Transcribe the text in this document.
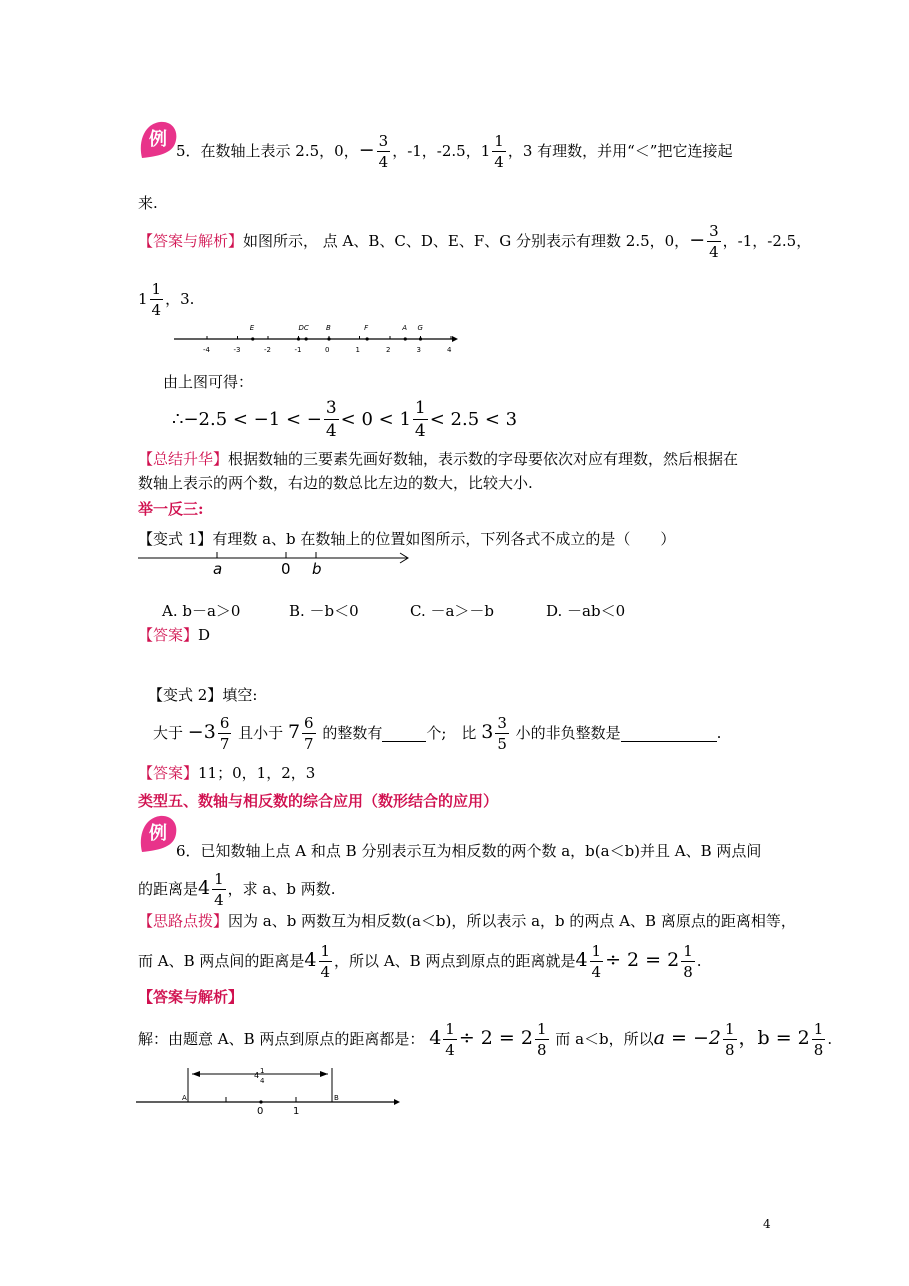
例
5．在数轴上表示 2.5，0，− $\frac{3}{4}$ ，-1，-2.5，$1 \frac{1}{4}$ ，3 有理数，并用“＜”把它连接起
来.
【答案与解析】如图所示， 点 A、B、C、D、E、F、G 分别表示有理数 2.5，0，− $\frac{3}{4}$ ，-1，-2.5，
$1 \frac{1}{4}$ ，3.
-4	-3	-2	-1	0	1	2	3	4
E	DC B	F	A G
由上图可得：
∴−2.5 < −1 < − $\frac{3}{4} < 0 < 1 \frac{1}{4} < 2.5 < 3$
【总结升华】根据数轴的三要素先画好数轴，表示数的字母要依次对应有理数，然后根据在
数轴上表示的两个数，右边的数总比左边的数大，比较大小.
举一反三:
【变式 1】有理数 a、b 在数轴上的位置如图所示，下列各式不成立的是（　　）
a	0 b
A. b－a＞0	B. －b＜0	C. －a＞－b	D. －ab＜0
【答案】D
【变式 2】填空:
大于 $-3 \frac{6}{7}$ 且小于 $7 \frac{6}{7}$ 的整数有	个;　比 $3 \frac{3}{5}$ 小的非负整数是	.
【答案】11；0，1，2，3
类型五、数轴与相反数的综合应用（数形结合的应用）
例
6．已知数轴上点 A 和点 B 分别表示互为相反数的两个数 a，b(a＜b)并且 A、B 两点间
的距离是$4 \frac{1}{4}$ ，求 a、b 两数.
【思路点拨】因为 a、b 两数互为相反数(a＜b)，所以表示 a，b 的两点 A、B 离原点的距离相等，
而 A、B 两点间的距离是$4 \frac{1}{4}$ ，所以 A、B 两点到原点的距离就是$4 \frac{1}{4} \div 2 = 2 \frac{1}{8}$ .
【答案与解析】
解：由题意 A、B 两点到原点的距离都是： $4 \frac{1}{4} \div 2 = 2 \frac{1}{8}$ 而 a＜b，所以$a = -2 \frac{1}{8}$ ，$b = 2 \frac{1}{8}$ .
4 1
4
A	B
0	1
4
